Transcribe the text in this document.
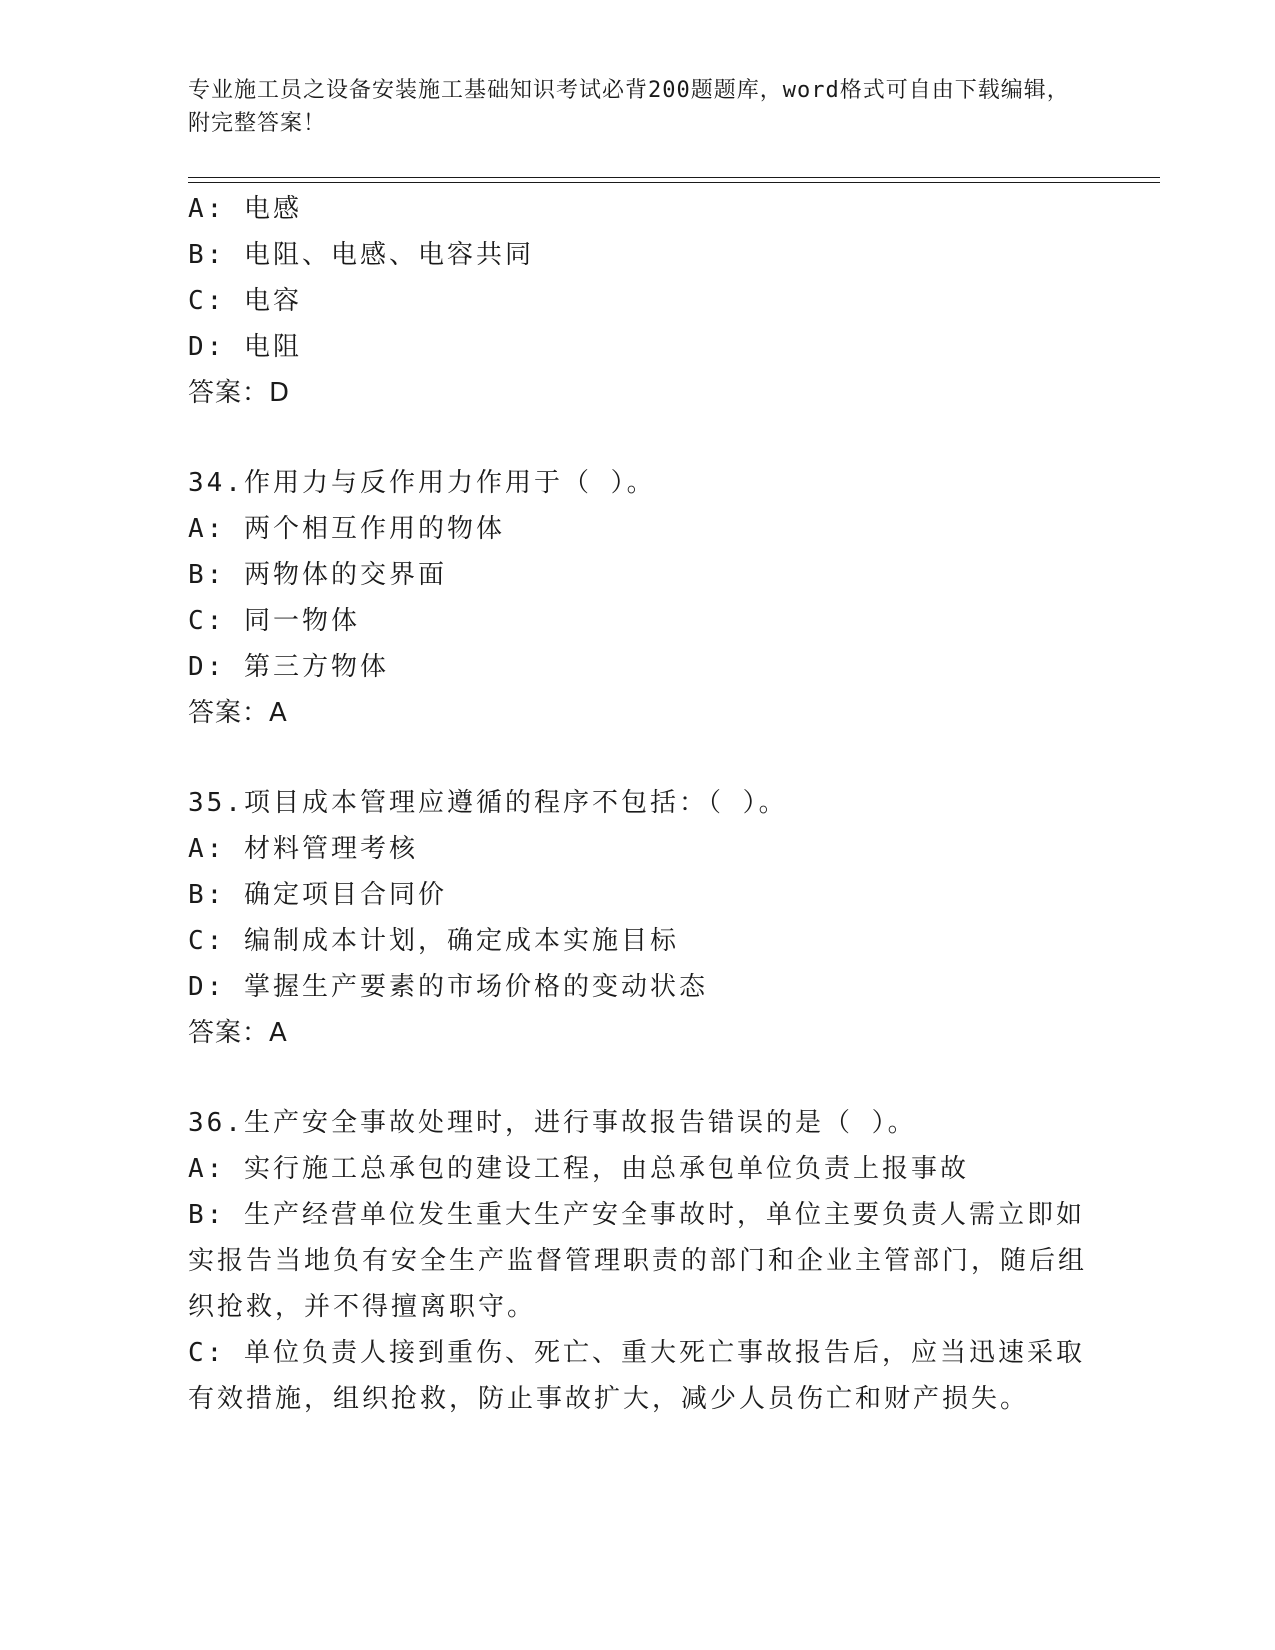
专业施工员之设备安装施工基础知识考试必背200题题库，word格式可自由下载编辑，附完整答案！
A: 电感
B: 电阻、电感、电容共同
C: 电容
D: 电阻
答案：D
34.作用力与反作用力作用于（ ）。
A: 两个相互作用的物体
B: 两物体的交界面
C: 同一物体
D: 第三方物体
答案：A
35.项目成本管理应遵循的程序不包括：（ ）。
A: 材料管理考核
B: 确定项目合同价
C: 编制成本计划，确定成本实施目标
D: 掌握生产要素的市场价格的变动状态
答案：A
36.生产安全事故处理时，进行事故报告错误的是（ ）。
A: 实行施工总承包的建设工程，由总承包单位负责上报事故
B: 生产经营单位发生重大生产安全事故时，单位主要负责人需立即如实报告当地负有安全生产监督管理职责的部门和企业主管部门，随后组织抢救，并不得擅离职守。
C: 单位负责人接到重伤、死亡、重大死亡事故报告后，应当迅速采取有效措施，组织抢救，防止事故扩大，减少人员伤亡和财产损失。
